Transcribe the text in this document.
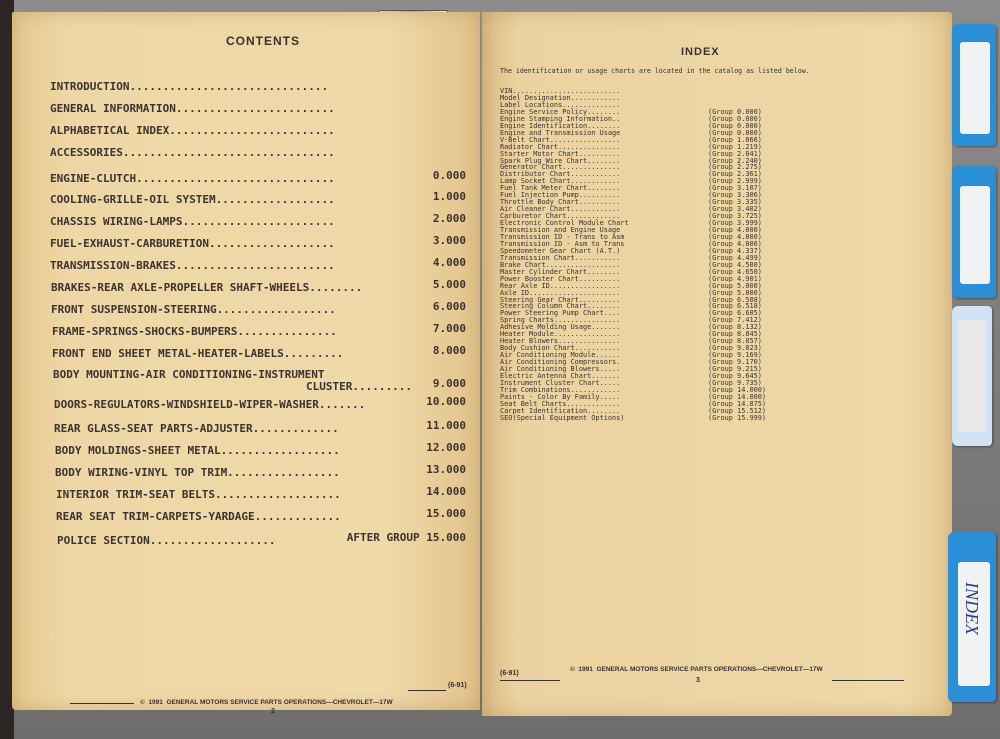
CONTENTS
INTRODUCTION..............................
GENERAL INFORMATION........................
ALPHABETICAL INDEX.........................
ACCESSORIES................................
ENGINE-CLUTCH..............................	0.000
COOLING-GRILLE-OIL SYSTEM..................	1.000
CHASSIS WIRING-LAMPS.......................	2.000
FUEL-EXHAUST-CARBURETION...................	3.000
TRANSMISSION-BRAKES........................	4.000
BRAKES-REAR AXLE-PROPELLER SHAFT-WHEELS........	5.000
FRONT SUSPENSION-STEERING..................	6.000
FRAME-SPRINGS-SHOCKS-BUMPERS...............	7.000
FRONT END SHEET METAL-HEATER-LABELS.........	8.000
BODY MOUNTING-AIR CONDITIONING-INSTRUMENT
CLUSTER......... 9.000
DOORS-REGULATORS-WINDSHIELD-WIPER-WASHER.......	10.000
REAR GLASS-SEAT PARTS-ADJUSTER.............	11.000
BODY MOLDINGS-SHEET METAL..................	12.000
BODY WIRING-VINYL TOP TRIM.................	13.000
INTERIOR TRIM-SEAT BELTS...................	14.000
REAR SEAT TRIM-CARPETS-YARDAGE.............	15.000
POLICE SECTION...................	AFTER GROUP 15.000
©  1991  GENERAL MOTORS SERVICE PARTS OPERATIONS—CHEVROLET—17W
(6-91)
2
INDEX
The identification or usage charts are located in the catalog as listed below.
VIN..........................
Model Designation............
Label Locations..............
Engine Service Policy........	(Group 0.000)
Engine Stamping Information..	(Group 0.000)
Engine Identification........	(Group 0.000)
Engine and Transmission Usage	(Group 0.000)
V-Belt Chart.................	(Group 1.066)
Radiator Chart...............	(Group 1.219)
Starter Motor Chart..........	(Group 2.041)
Spark Plug Wire Chart........	(Group 2.240)
Generator Chart..............	(Group 2.275)
Distributor Chart............	(Group 2.361)
Lamp Socket Chart............	(Group 2.999)
Fuel Tank Meter Chart........	(Group 3.107)
Fuel Injection Pump..........	(Group 3.306)
Throttle Body Chart..........	(Group 3.335)
Air Cleaner Chart............	(Group 3.402)
Carburetor Chart.............	(Group 3.725)
Electronic Control Module Chart	(Group 3.999)
Transmission and Engine Usage	(Group 4.000)
Transmission ID - Trans to Asm	(Group 4.000)
Transmission ID - Asm to Trans	(Group 4.000)
Speedometer Gear Chart (A.T.)	(Group 4.337)
Transmission Chart...........	(Group 4.499)
Brake Chart..................	(Group 4.500)
Master Cylinder Chart........	(Group 4.650)
Power Booster Chart..........	(Group 4.901)
Rear Axle ID.................	(Group 5.000)
Axle ID......................	(Group 5.000)
Steering Gear Chart..........	(Group 6.508)
Steering Column Chart........	(Group 6.518)
Power Steering Pump Chart....	(Group 6.605)
Spring Charts................	(Group 7.412)
Adhesive Molding Usage.......	(Group 8.132)
Heater Module................	(Group 8.845)
Heater Blowers...............	(Group 8.857)
Body Cushion Chart...........	(Group 9.023)
Air Conditioning Module......	(Group 9.169)
Air Conditioning Compressors.	(Group 9.170)
Air Conditioning Blowers.....	(Group 9.215)
Electric Antenna Chart.......	(Group 9.645)
Instrument Cluster Chart.....	(Group 9.735)
Trim Combinations............	(Group 14.000)
Paints - Color By Family.....	(Group 14.000)
Seat Belt Charts.............	(Group 14.875)
Carpet Identification........	(Group 15.512)
SEO(Special Equipment Options)	(Group 15.999)
(6-91)
©  1991  GENERAL MOTORS SERVICE PARTS OPERATIONS—CHEVROLET—17W
3
INDEX
